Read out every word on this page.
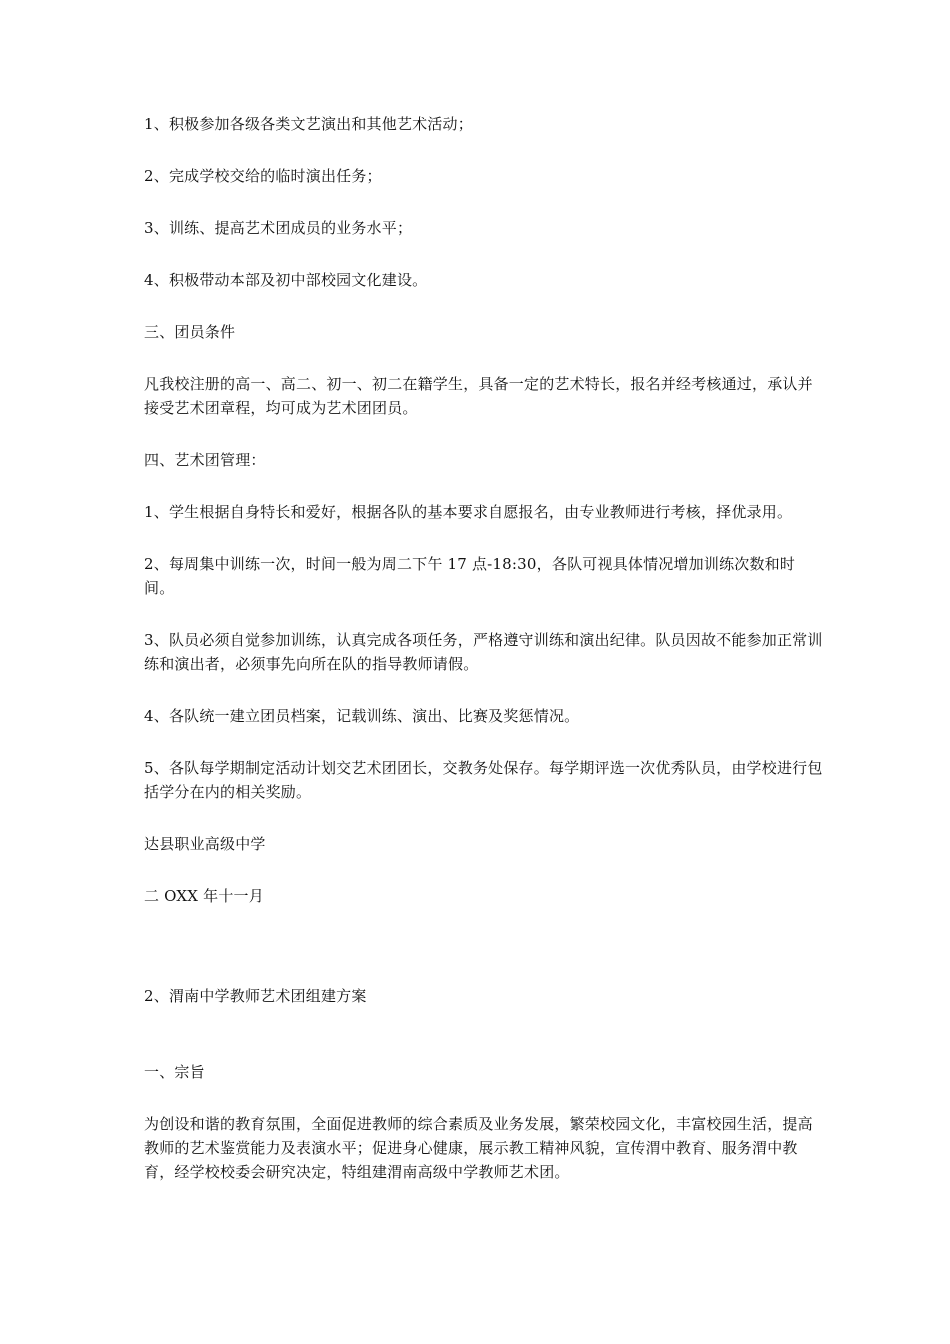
1、积极参加各级各类文艺演出和其他艺术活动；

2、完成学校交给的临时演出任务；

3、训练、提高艺术团成员的业务水平；

4、积极带动本部及初中部校园文化建设。

三、团员条件

凡我校注册的高一、高二、初一、初二在籍学生，具备一定的艺术特长，报名并经考核通过，承认并接受艺术团章程，均可成为艺术团团员。

四、艺术团管理：

1、学生根据自身特长和爱好，根据各队的基本要求自愿报名，由专业教师进行考核，择优录用。

2、每周集中训练一次，时间一般为周二下午 17 点-18:30，各队可视具体情况增加训练次数和时间。

3、队员必须自觉参加训练，认真完成各项任务，严格遵守训练和演出纪律。队员因故不能参加正常训练和演出者，必须事先向所在队的指导教师请假。

4、各队统一建立团员档案，记载训练、演出、比赛及奖惩情况。

5、各队每学期制定活动计划交艺术团团长，交教务处保存。每学期评选一次优秀队员，由学校进行包括学分在内的相关奖励。

达县职业高级中学

二 OXX 年十一月

2、渭南中学教师艺术团组建方案

一、宗旨

为创设和谐的教育氛围，全面促进教师的综合素质及业务发展，繁荣校园文化，丰富校园生活，提高教师的艺术鉴赏能力及表演水平；促进身心健康，展示教工精神风貌，宣传渭中教育、服务渭中教育，经学校校委会研究决定，特组建渭南高级中学教师艺术团。
